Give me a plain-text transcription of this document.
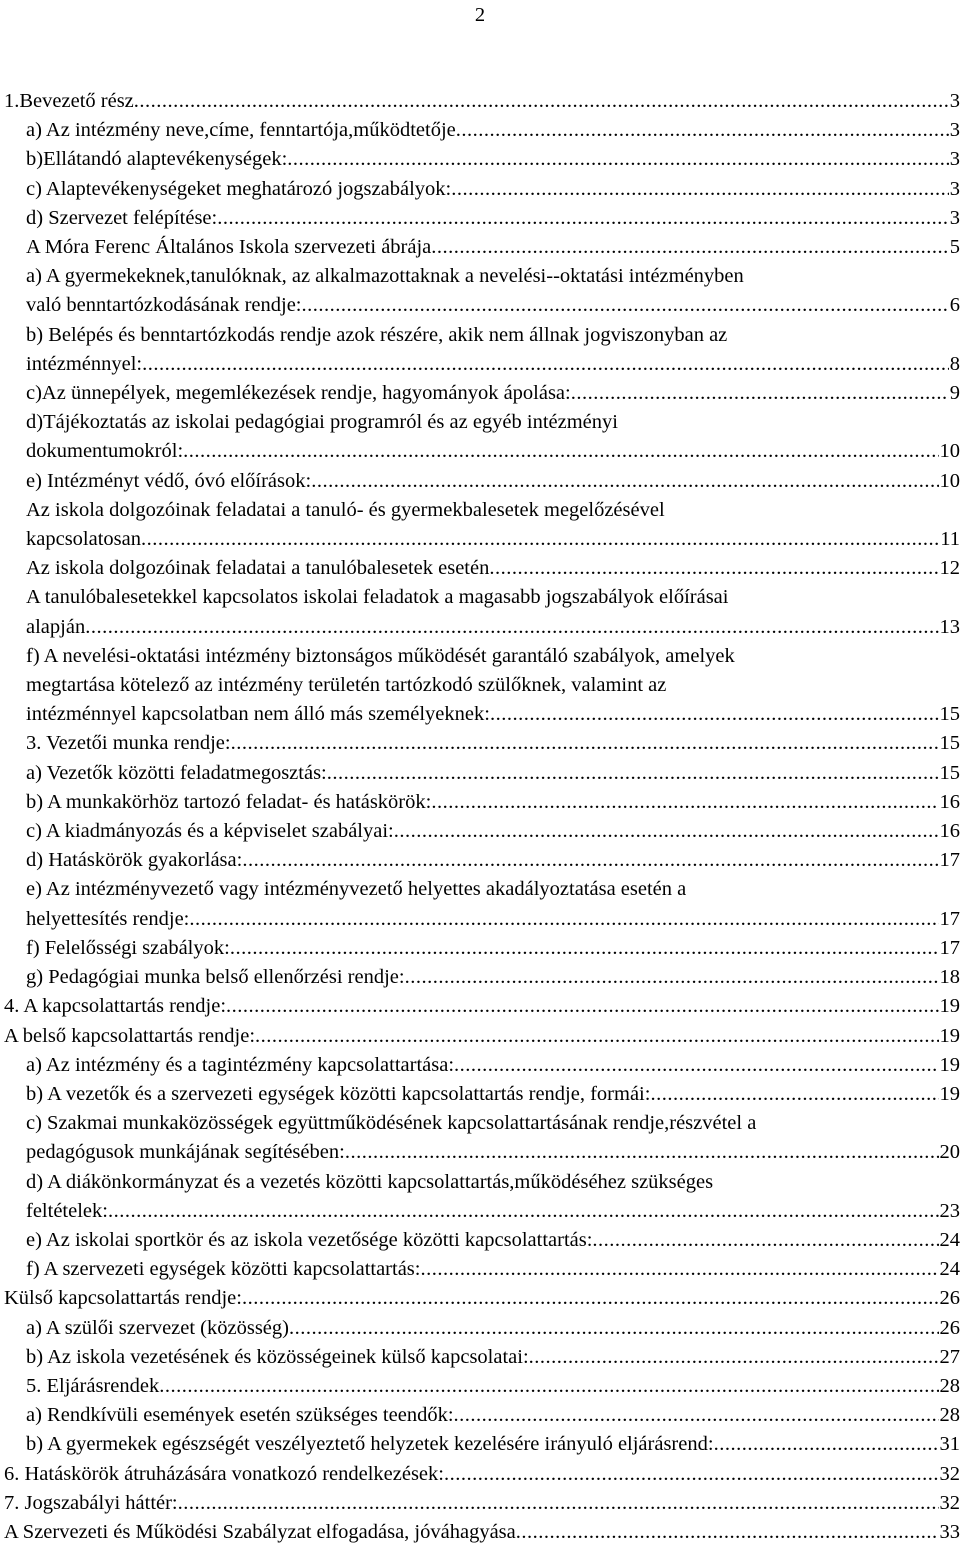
2
1.Bevezető rész .....	3
a) Az intézmény neve,címe, fenntartója,működtetője .....	3
b)Ellátandó alaptevékenységek: .....	3
c) Alaptevékenységeket meghatározó jogszabályok: .....	3
d) Szervezet felépítése: .....	3
A Móra Ferenc Általános Iskola szervezeti ábrája .....	5
a) A gyermekeknek,tanulóknak, az alkalmazottaknak a nevelési--oktatási intézményben
való benntartózkodásának rendje: .....	6
b) Belépés és benntartózkodás rendje azok részére, akik nem állnak jogviszonyban az
intézménnyel: .....	8
c)Az ünnepélyek, megemlékezések rendje, hagyományok ápolása: .....	9
d)Tájékoztatás az iskolai pedagógiai programról és az egyéb intézményi
dokumentumokról: .....	10
e) Intézményt védő, óvó előírások: .....	10
Az iskola dolgozóinak feladatai a tanuló- és gyermekbalesetek megelőzésével
kapcsolatosan .....	11
Az iskola dolgozóinak feladatai a tanulóbalesetek esetén .....	12
A tanulóbalesetekkel kapcsolatos iskolai feladatok a magasabb jogszabályok előírásai
alapján .....	13
f) A nevelési-oktatási intézmény biztonságos működését garantáló szabályok, amelyek
megtartása kötelező az intézmény területén tartózkodó szülőknek, valamint az
intézménnyel kapcsolatban nem álló más személyeknek: .....	15
3. Vezetői munka rendje: .....	15
a) Vezetők közötti feladatmegosztás: .....	15
b) A munkakörhöz tartozó feladat- és hatáskörök: .....	16
c) A kiadmányozás és a képviselet szabályai: .....	16
d) Hatáskörök gyakorlása: .....	17
e) Az intézményvezető vagy intézményvezető helyettes akadályoztatása esetén a
helyettesítés rendje: .....	17
f) Felelősségi szabályok: .....	17
g) Pedagógiai munka belső ellenőrzési rendje: .....	18
4. A kapcsolattartás rendje: .....	19
A belső kapcsolattartás rendje: .....	19
a) Az intézmény és a tagintézmény kapcsolattartása: .....	19
b) A vezetők és a szervezeti egységek közötti kapcsolattartás rendje, formái: .....	19
c) Szakmai munkaközösségek együttműködésének kapcsolattartásának rendje,részvétel a
pedagógusok munkájának segítésében: .....	20
d) A diákönkormányzat és a vezetés közötti kapcsolattartás,működéséhez szükséges
feltételek: .....	23
e) Az iskolai sportkör és az iskola vezetősége közötti kapcsolattartás: .....	24
f) A szervezeti egységek közötti kapcsolattartás: .....	24
Külső kapcsolattartás rendje: .....	26
a) A szülői szervezet (közösség) .....	26
b) Az iskola vezetésének és közösségeinek külső kapcsolatai: .....	27
5. Eljárásrendek .....	28
a) Rendkívüli események esetén szükséges teendők: .....	28
b) A gyermekek egészségét veszélyeztető helyzetek kezelésére irányuló eljárásrend: .....	31
6. Hatáskörök átruházására vonatkozó rendelkezések: .....	32
7. Jogszabályi háttér: .....	32
A Szervezeti és Működési Szabályzat elfogadása, jóváhagyása .....	33
